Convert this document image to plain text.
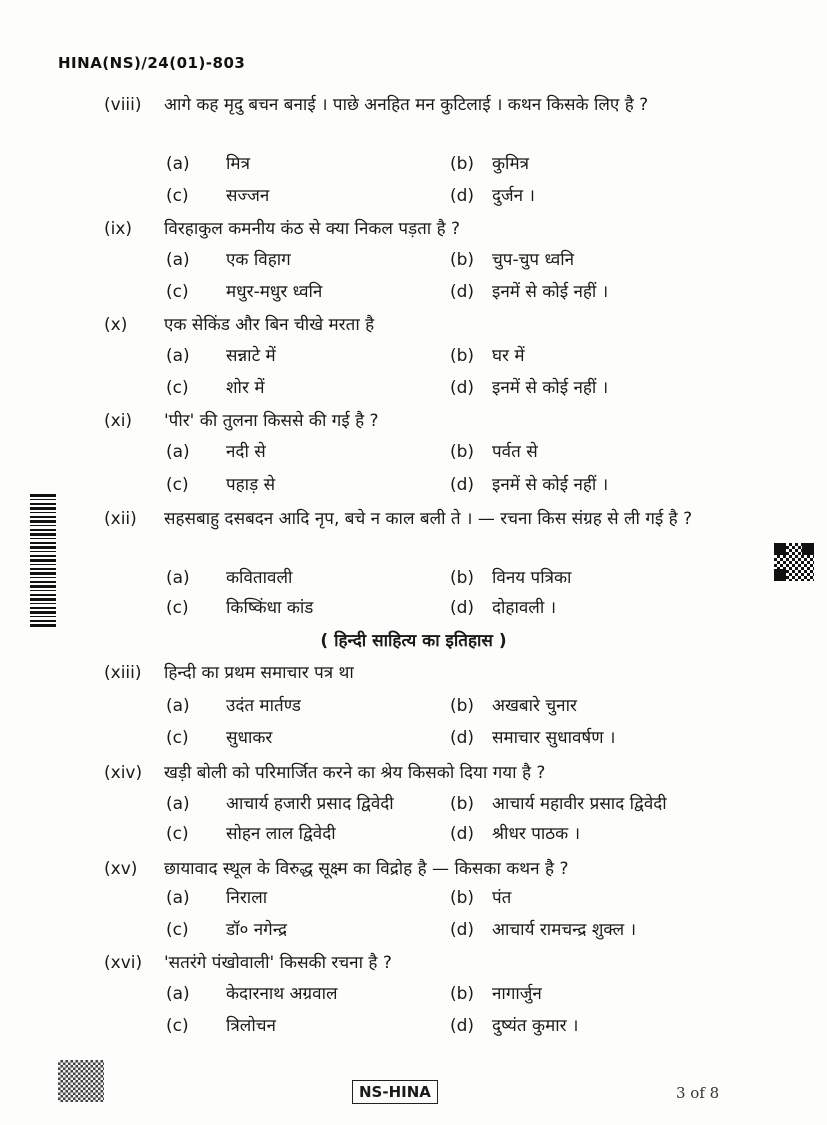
HINA(NS)/24(01)-803
(viii)	आगे कह मृदु बचन बनाई । पाछे अनहित मन कुटिलाई । कथन किसके लिए है ?
(a) मित्र	(b) कुमित्र
(c) सज्जन	(d) दुर्जन ।
(ix)	विरहाकुल कमनीय कंठ से क्या निकल पड़ता है ?
(a) एक विहाग	(b) चुप-चुप ध्वनि
(c) मधुर-मधुर ध्वनि	(d) इनमें से कोई नहीं ।
(x)	एक सेकिंड और बिन चीखे मरता है
(a) सन्नाटे में	(b) घर में
(c) शोर में	(d) इनमें से कोई नहीं ।
(xi)	'पीर' की तुलना किससे की गई है ?
(a) नदी से	(b) पर्वत से
(c) पहाड़ से	(d) इनमें से कोई नहीं ।
(xii)	सहसबाहु दसबदन आदि नृप, बचे न काल बली ते । — रचना किस संग्रह से ली गई है ?
(a) कवितावली	(b) विनय पत्रिका
(c) किष्किंधा कांड	(d) दोहावली ।
(xiii)	हिन्दी का प्रथम समाचार पत्र था
(a) उदंत मार्तण्ड	(b) अखबारे चुनार
(c) सुधाकर	(d) समाचार सुधावर्षण ।
(xiv)	खड़ी बोली को परिमार्जित करने का श्रेय किसको दिया गया है ?
(a) आचार्य हजारी प्रसाद द्विवेदी	(b) आचार्य महावीर प्रसाद द्विवेदी
(c) सोहन लाल द्विवेदी	(d) श्रीधर पाठक ।
(xv)	छायावाद स्थूल के विरुद्ध सूक्ष्म का विद्रोह है — किसका कथन है ?
(a) निराला	(b) पंत
(c) डॉ० नगेन्द्र	(d) आचार्य रामचन्द्र शुक्ल ।
(xvi)	'सतरंगे पंखोवाली' किसकी रचना है ?
(a) केदारनाथ अग्रवाल	(b) नागार्जुन
(c) त्रिलोचन	(d) दुष्यंत कुमार ।
( हिन्दी साहित्य का इतिहास )
NS-HINA	3 of 8
